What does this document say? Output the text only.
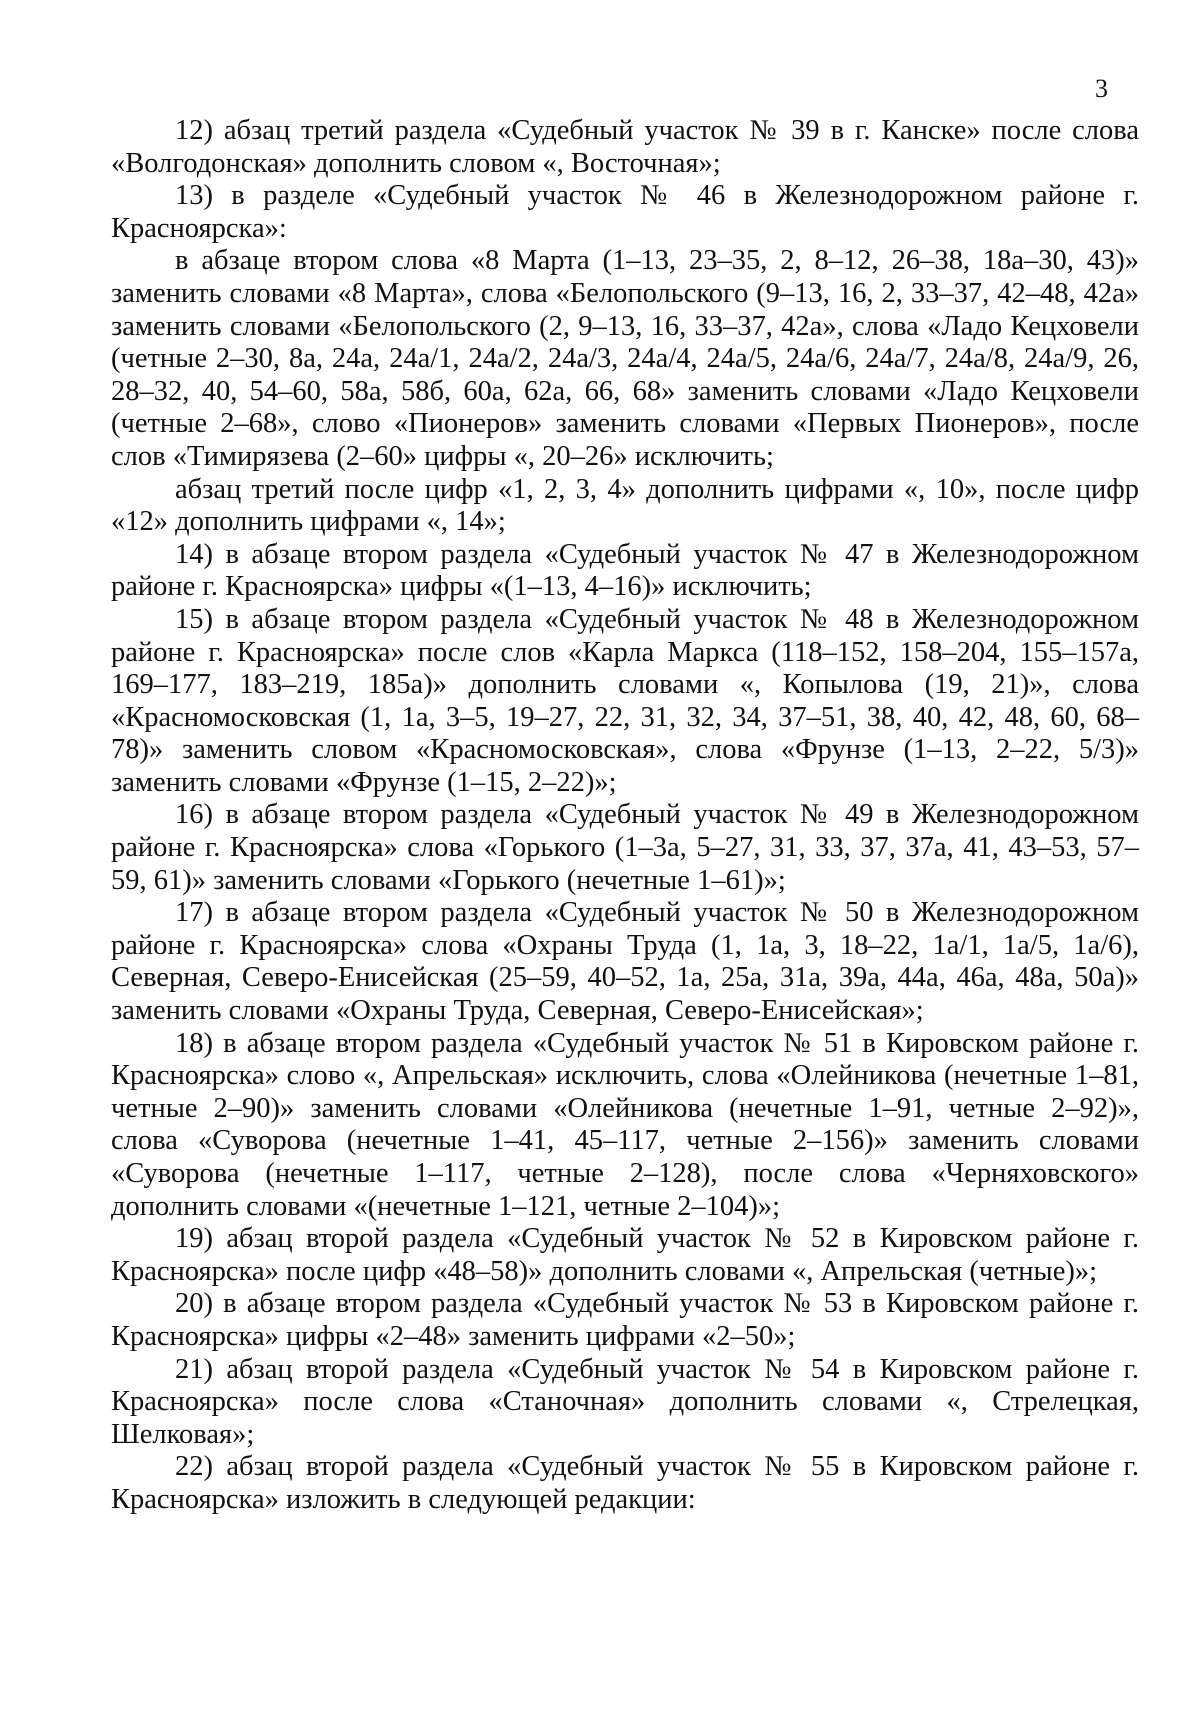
3

12) абзац третий раздела «Судебный участок № 39 в г. Канске» после слова «Волгодонская» дополнить словом «, Восточная»;

13) в разделе «Судебный участок № 46 в Железнодорожном районе г. Красноярска»:

в абзаце втором слова «8 Марта (1–13, 23–35, 2, 8–12, 26–38, 18а–30, 43)» заменить словами «8 Марта», слова «Белопольского (9–13, 16, 2, 33–37, 42–48, 42а» заменить словами «Белопольского (2, 9–13, 16, 33–37, 42а», слова «Ладо Кецховели (четные 2–30, 8а, 24а, 24а/1, 24а/2, 24а/3, 24а/4, 24а/5, 24а/6, 24а/7, 24а/8, 24а/9, 26, 28–32, 40, 54–60, 58а, 58б, 60а, 62а, 66, 68» заменить словами «Ладо Кецховели (четные 2–68», слово «Пионеров» заменить словами «Первых Пионеров», после слов «Тимирязева (2–60» цифры «, 20–26» исключить;

абзац третий после цифр «1, 2, 3, 4» дополнить цифрами «, 10», после цифр «12» дополнить цифрами «, 14»;

14) в абзаце втором раздела «Судебный участок № 47 в Железнодорожном районе г. Красноярска» цифры «(1–13, 4–16)» исключить;

15) в абзаце втором раздела «Судебный участок № 48 в Железнодорожном районе г. Красноярска» после слов «Карла Маркса (118–152, 158–204, 155–157а, 169–177, 183–219, 185а)» дополнить словами «, Копылова (19, 21)», слова «Красномосковская (1, 1а, 3–5, 19–27, 22, 31, 32, 34, 37–51, 38, 40, 42, 48, 60, 68–78)» заменить словом «Красномосковская», слова «Фрунзе (1–13, 2–22, 5/3)» заменить словами «Фрунзе (1–15, 2–22)»;

16) в абзаце втором раздела «Судебный участок № 49 в Железнодорожном районе г. Красноярска» слова «Горького (1–3а, 5–27, 31, 33, 37, 37а, 41, 43–53, 57–59, 61)» заменить словами «Горького (нечетные 1–61)»;

17) в абзаце втором раздела «Судебный участок № 50 в Железнодорожном районе г. Красноярска» слова «Охраны Труда (1, 1а, 3, 18–22, 1а/1, 1а/5, 1а/6), Северная, Северо-Енисейская (25–59, 40–52, 1а, 25а, 31а, 39а, 44а, 46а, 48а, 50а)» заменить словами «Охраны Труда, Северная, Северо-Енисейская»;

18) в абзаце втором раздела «Судебный участок № 51 в Кировском районе г. Красноярска» слово «, Апрельская» исключить, слова «Олейникова (нечетные 1–81, четные 2–90)» заменить словами «Олейникова (нечетные 1–91, четные 2–92)», слова «Суворова (нечетные 1–41, 45–117, четные 2–156)» заменить словами «Суворова (нечетные 1–117, четные 2–128), после слова «Черняховского» дополнить словами «(нечетные 1–121, четные 2–104)»;

19) абзац второй раздела «Судебный участок № 52 в Кировском районе г. Красноярска» после цифр «48–58)» дополнить словами «, Апрельская (четные)»;

20) в абзаце втором раздела «Судебный участок № 53 в Кировском районе г. Красноярска» цифры «2–48» заменить цифрами «2–50»;

21) абзац второй раздела «Судебный участок № 54 в Кировском районе г. Красноярска» после слова «Станочная» дополнить словами «, Стрелецкая, Шелковая»;

22) абзац второй раздела «Судебный участок № 55 в Кировском районе г. Красноярска» изложить в следующей редакции:
